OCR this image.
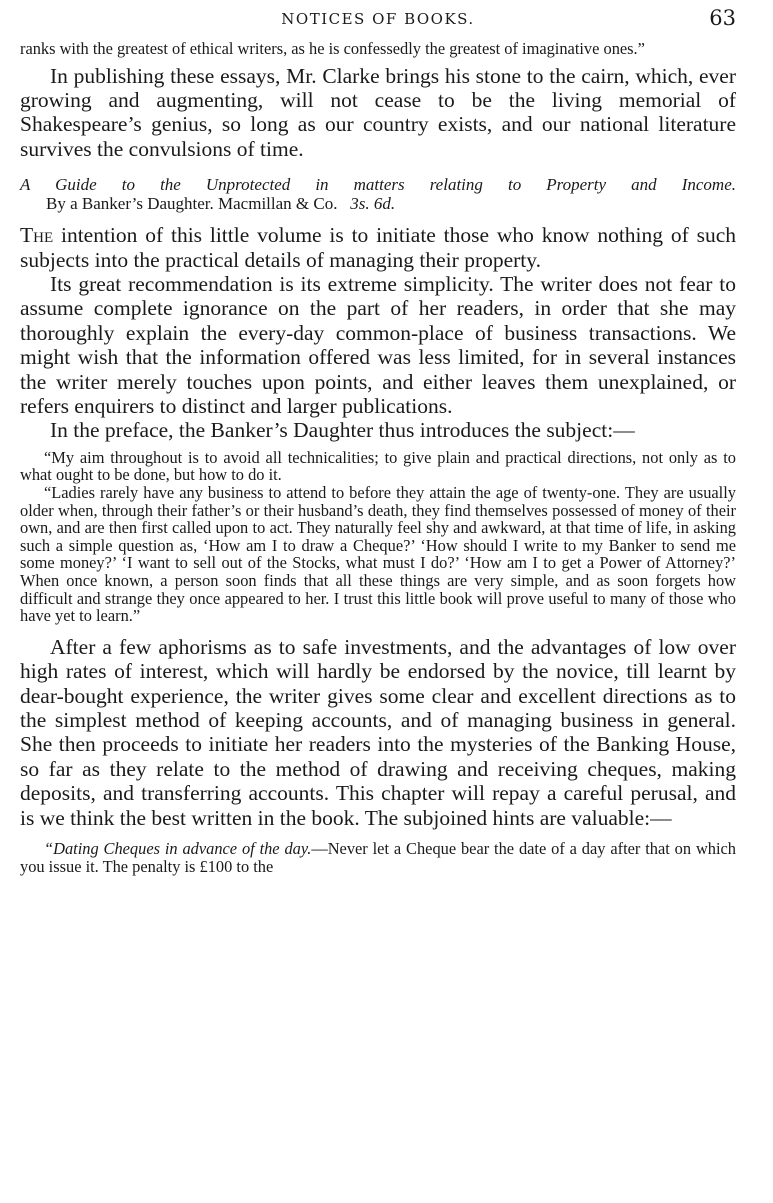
NOTICES OF BOOKS.	63

ranks with the greatest of ethical writers, as he is confessedly the greatest of imaginative ones.”

In publishing these essays, Mr. Clarke brings his stone to the cairn, which, ever growing and augmenting, will not cease to be the living memorial of Shakespeare’s genius, so long as our country exists, and our national literature survives the convulsions of time.

A Guide to the Unprotected in matters relating to Property and Income.
By a Banker’s Daughter. Macmillan & Co. 3s. 6d.

The intention of this little volume is to initiate those who know nothing of such subjects into the practical details of managing their property.

Its great recommendation is its extreme simplicity. The writer does not fear to assume complete ignorance on the part of her readers, in order that she may thoroughly explain the every-day common-place of business transactions. We might wish that the information offered was less limited, for in several instances the writer merely touches upon points, and either leaves them unexplained, or refers enquirers to distinct and larger publications.

In the preface, the Banker’s Daughter thus introduces the subject:—

“My aim throughout is to avoid all technicalities; to give plain and practical directions, not only as to what ought to be done, but how to do it.

“Ladies rarely have any business to attend to before they attain the age of twenty-one. They are usually older when, through their father’s or their husband’s death, they find themselves possessed of money of their own, and are then first called upon to act. They naturally feel shy and awkward, at that time of life, in asking such a simple question as, ‘How am I to draw a Cheque?’ ‘How should I write to my Banker to send me some money?’ ‘I want to sell out of the Stocks, what must I do?’ ‘How am I to get a Power of Attorney?’ When once known, a person soon finds that all these things are very simple, and as soon forgets how difficult and strange they once appeared to her. I trust this little book will prove useful to many of those who have yet to learn.”

After a few aphorisms as to safe investments, and the advantages of low over high rates of interest, which will hardly be endorsed by the novice, till learnt by dear-bought experience, the writer gives some clear and excellent directions as to the simplest method of keeping accounts, and of managing business in general. She then proceeds to initiate her readers into the mysteries of the Banking House, so far as they relate to the method of drawing and receiving cheques, making deposits, and transferring accounts. This chapter will repay a careful perusal, and is we think the best written in the book. The subjoined hints are valuable:—

“Dating Cheques in advance of the day.—Never let a Cheque bear the date of a day after that on which you issue it. The penalty is £100 to the
